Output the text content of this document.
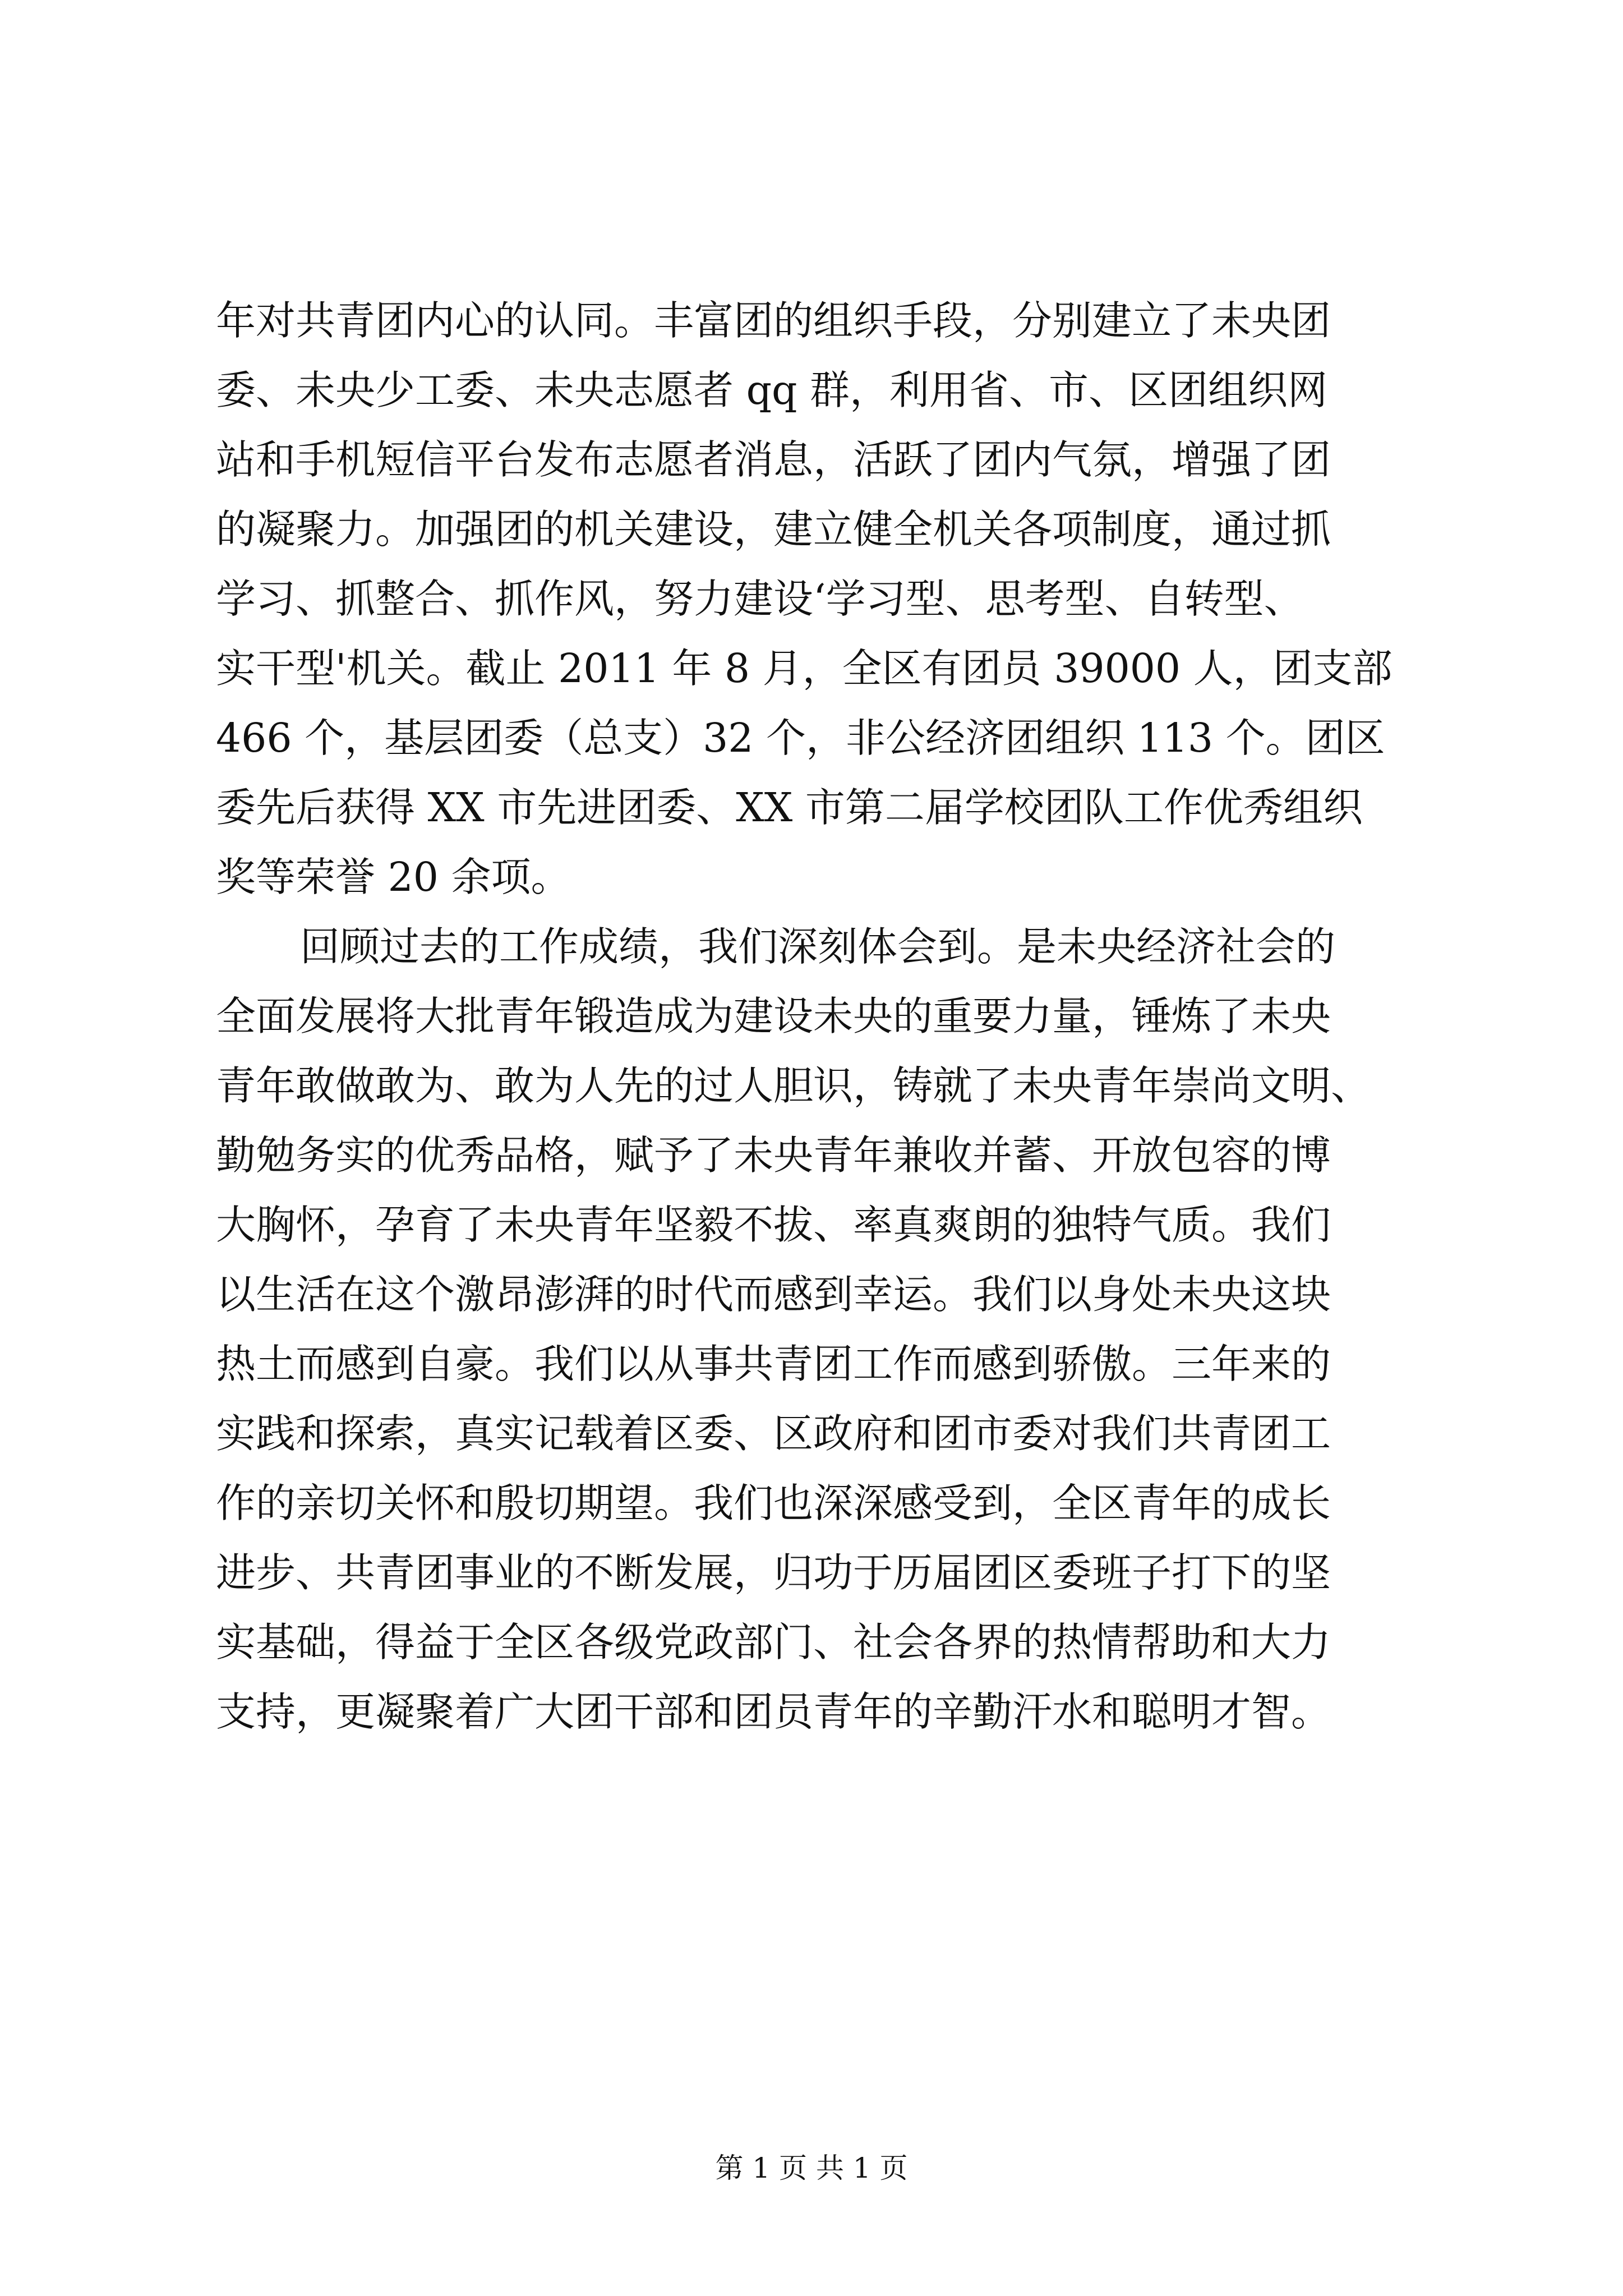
年对共青团内心的认同。丰富团的组织手段，分别建立了未央团
委、未央少工委、未央志愿者 qq 群，利用省、市、区团组织网
站和手机短信平台发布志愿者消息，活跃了团内气氛，增强了团
的凝聚力。加强团的机关建设，建立健全机关各项制度，通过抓
学习、抓整合、抓作风，努力建设‘学习型、思考型、自转型、
实干型'机关。截止 2011 年 8 月，全区有团员 39000 人，团支部
466 个，基层团委（总支）32 个，非公经济团组织 113 个。团区
委先后获得 XX 市先进团委、XX 市第二届学校团队工作优秀组织
奖等荣誉 20 余项。
回顾过去的工作成绩，我们深刻体会到。是未央经济社会的
全面发展将大批青年锻造成为建设未央的重要力量，锤炼了未央
青年敢做敢为、敢为人先的过人胆识，铸就了未央青年崇尚文明、
勤勉务实的优秀品格，赋予了未央青年兼收并蓄、开放包容的博
大胸怀，孕育了未央青年坚毅不拔、率真爽朗的独特气质。我们
以生活在这个激昂澎湃的时代而感到幸运。我们以身处未央这块
热土而感到自豪。我们以从事共青团工作而感到骄傲。三年来的
实践和探索，真实记载着区委、区政府和团市委对我们共青团工
作的亲切关怀和殷切期望。我们也深深感受到，全区青年的成长
进步、共青团事业的不断发展，归功于历届团区委班子打下的坚
实基础，得益于全区各级党政部门、社会各界的热情帮助和大力
支持，更凝聚着广大团干部和团员青年的辛勤汗水和聪明才智。
第 1 页 共 1 页
